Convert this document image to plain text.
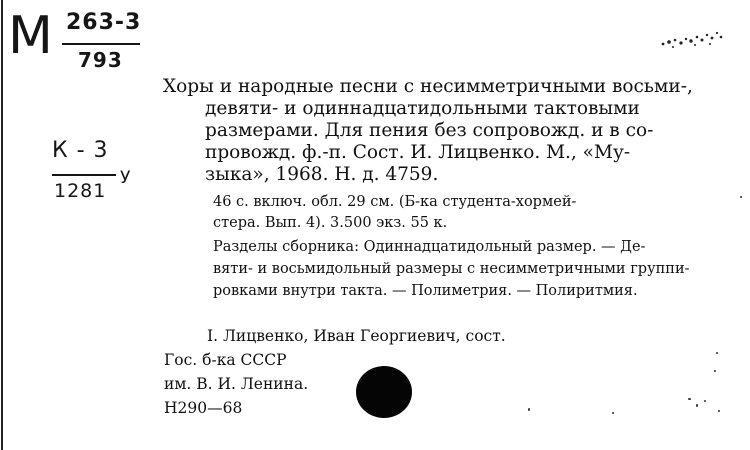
М 263-3
793
К - 3
1281
У
Хоры и народные песни с несимметричными восьми-,
девяти- и одиннадцатидольными тактовыми
размерами. Для пения без сопровожд. и в со-
провожд. ф.-п. Сост. И. Лицвенко. М., «Му-
зыка», 1968. Н. д. 4759.
46 с. включ. обл. 29 см. (Б-ка студента-хормей-
стера. Вып. 4). 3.500 экз. 55 к.
Разделы сборника: Одиннадцатидольный размер. — Де-
вяти- и восьмидольный размеры с несимметричными группи-
ровками внутри такта. — Полиметрия. — Полиритмия.
I. Лицвенко, Иван Георгиевич, сост.
Гос. б-ка СССР
им. В. И. Ленина.
Н290—68
